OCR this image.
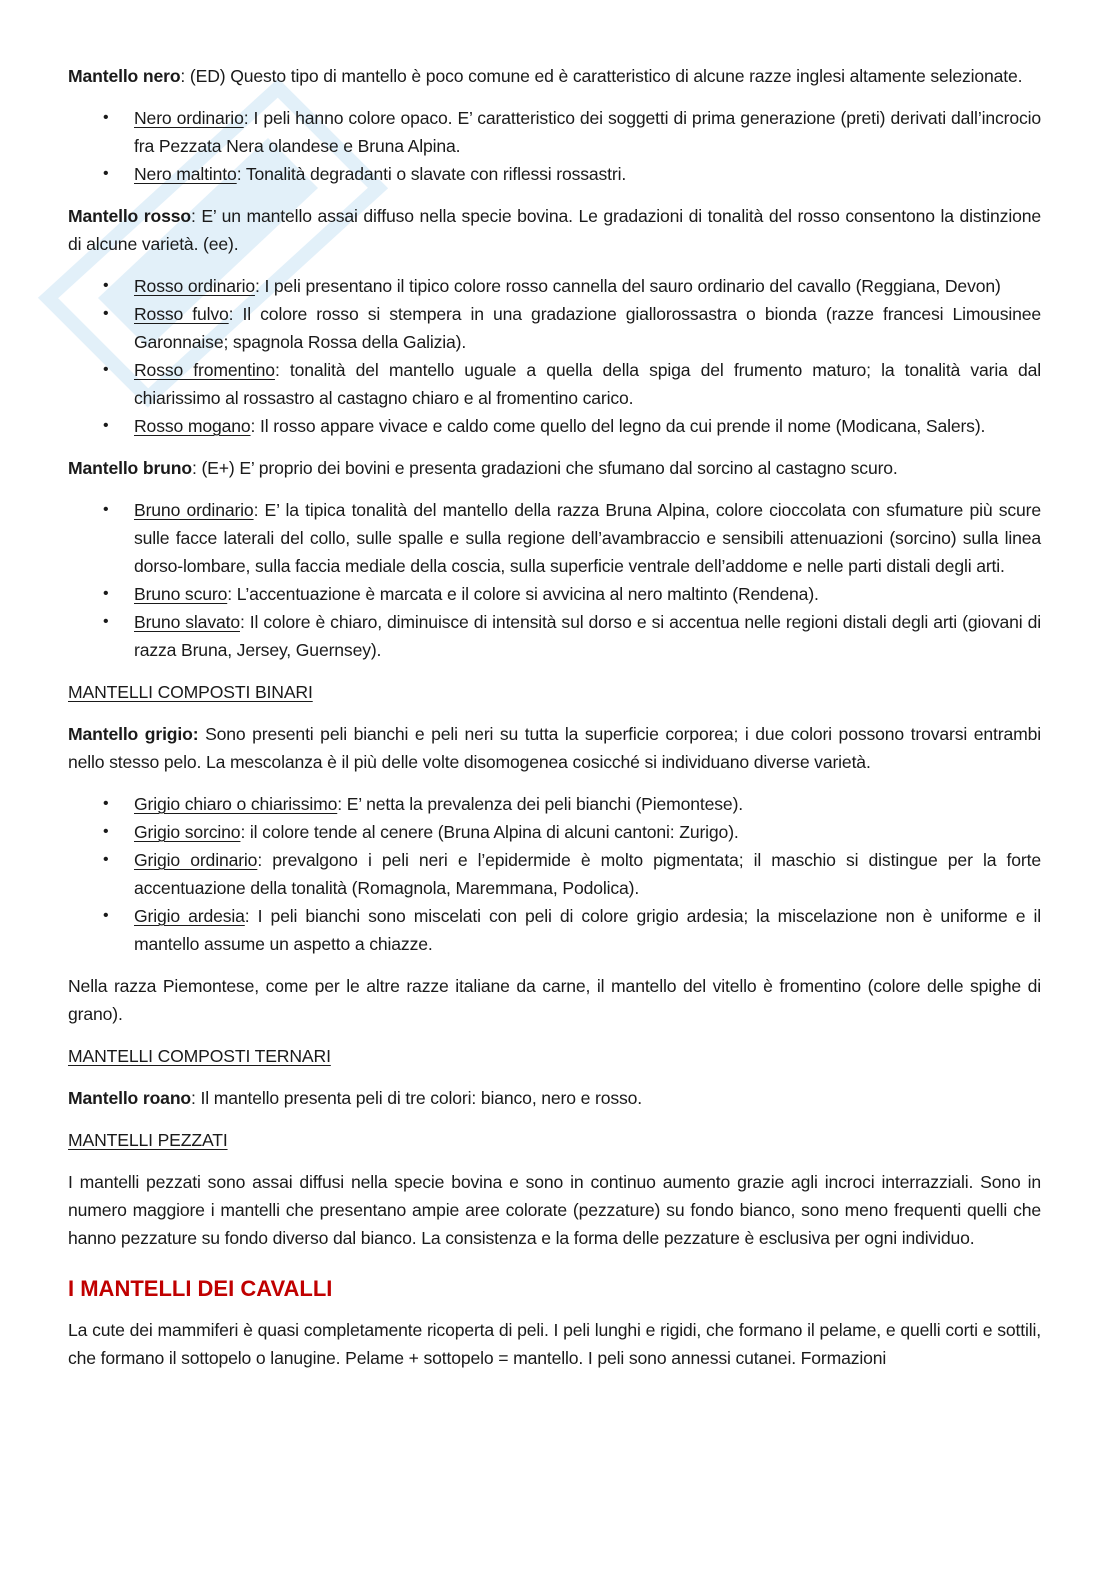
Mantello nero: (ED) Questo tipo di mantello è poco comune ed è caratteristico di alcune razze inglesi altamente selezionate.

• Nero ordinario: I peli hanno colore opaco. E’ caratteristico dei soggetti di prima generazione (preti) derivati dall’incrocio fra Pezzata Nera olandese e Bruna Alpina.
• Nero maltinto: Tonalità degradanti o slavate con riflessi rossastri.

Mantello rosso: E’ un mantello assai diffuso nella specie bovina. Le gradazioni di tonalità del rosso consentono la distinzione di alcune varietà. (ee).

• Rosso ordinario: I peli presentano il tipico colore rosso cannella del sauro ordinario del cavallo (Reggiana, Devon)
• Rosso fulvo: Il colore rosso si stempera in una gradazione giallorossastra o bionda (razze francesi Limousinee Garonnaise; spagnola Rossa della Galizia).
• Rosso fromentino: tonalità del mantello uguale a quella della spiga del frumento maturo; la tonalità varia dal chiarissimo al rossastro al castagno chiaro e al fromentino carico.
• Rosso mogano: Il rosso appare vivace e caldo come quello del legno da cui prende il nome (Modicana, Salers).

Mantello bruno: (E+) E’ proprio dei bovini e presenta gradazioni che sfumano dal sorcino al castagno scuro.

• Bruno ordinario: E’ la tipica tonalità del mantello della razza Bruna Alpina, colore cioccolata con sfumature più scure sulle facce laterali del collo, sulle spalle e sulla regione dell’avambraccio e sensibili attenuazioni (sorcino) sulla linea dorso-lombare, sulla faccia mediale della coscia, sulla superficie ventrale dell’addome e nelle parti distali degli arti.
• Bruno scuro: L’accentuazione è marcata e il colore si avvicina al nero maltinto (Rendena).
• Bruno slavato: Il colore è chiaro, diminuisce di intensità sul dorso e si accentua nelle regioni distali degli arti (giovani di razza Bruna, Jersey, Guernsey).

MANTELLI COMPOSTI BINARI

Mantello grigio: Sono presenti peli bianchi e peli neri su tutta la superficie corporea; i due colori possono trovarsi entrambi nello stesso pelo. La mescolanza è il più delle volte disomogenea cosicché si individuano diverse varietà.

• Grigio chiaro o chiarissimo: E’ netta la prevalenza dei peli bianchi (Piemontese).
• Grigio sorcino: il colore tende al cenere (Bruna Alpina di alcuni cantoni: Zurigo).
• Grigio ordinario: prevalgono i peli neri e l’epidermide è molto pigmentata; il maschio si distingue per la forte accentuazione della tonalità (Romagnola, Maremmana, Podolica).
• Grigio ardesia: I peli bianchi sono miscelati con peli di colore grigio ardesia; la miscelazione non è uniforme e il mantello assume un aspetto a chiazze.

Nella razza Piemontese, come per le altre razze italiane da carne, il mantello del vitello è fromentino (colore delle spighe di grano).

MANTELLI COMPOSTI TERNARI

Mantello roano: Il mantello presenta peli di tre colori: bianco, nero e rosso.

MANTELLI PEZZATI

I mantelli pezzati sono assai diffusi nella specie bovina e sono in continuo aumento grazie agli incroci interrazziali. Sono in numero maggiore i mantelli che presentano ampie aree colorate (pezzature) su fondo bianco, sono meno frequenti quelli che hanno pezzature su fondo diverso dal bianco. La consistenza e la forma delle pezzature è esclusiva per ogni individuo.

I MANTELLI DEI CAVALLI

La cute dei mammiferi è quasi completamente ricoperta di peli. I peli lunghi e rigidi, che formano il pelame, e quelli corti e sottili, che formano il sottopelo o lanugine. Pelame + sottopelo = mantello. I peli sono annessi cutanei. Formazioni
